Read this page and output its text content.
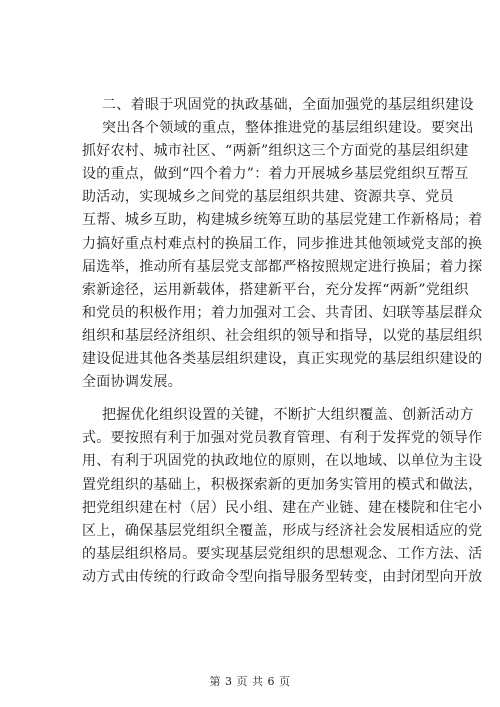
二、着眼于巩固党的执政基础，全面加强党的基层组织建设
突出各个领域的重点，整体推进党的基层组织建设。要突出
抓好农村、城市社区、“两新”组织这三个方面党的基层组织建
设的重点，做到“四个着力”：着力开展城乡基层党组织互帮互
助活动，实现城乡之间党的基层组织共建、资源共享、党员
互帮、城乡互助，构建城乡统筹互助的基层党建工作新格局；着
力搞好重点村难点村的换届工作，同步推进其他领域党支部的换
届选举，推动所有基层党支部都严格按照规定进行换届；着力探
索新途径，运用新载体，搭建新平台，充分发挥“两新”党组织
和党员的积极作用；着力加强对工会、共青团、妇联等基层群众
组织和基层经济组织、社会组织的领导和指导，以党的基层组织
建设促进其他各类基层组织建设，真正实现党的基层组织建设的
全面协调发展。
把握优化组织设置的关键，不断扩大组织覆盖、创新活动方
式。要按照有利于加强对党员教育管理、有利于发挥党的领导作
用、有利于巩固党的执政地位的原则，在以地域、以单位为主设
置党组织的基础上，积极探索新的更加务实管用的模式和做法，
把党组织建在村（居）民小组、建在产业链、建在楼院和住宅小
区上，确保基层党组织全覆盖，形成与经济社会发展相适应的党
的基层组织格局。要实现基层党组织的思想观念、工作方法、活
动方式由传统的行政命令型向指导服务型转变，由封闭型向开放
第 3 页 共 6 页
